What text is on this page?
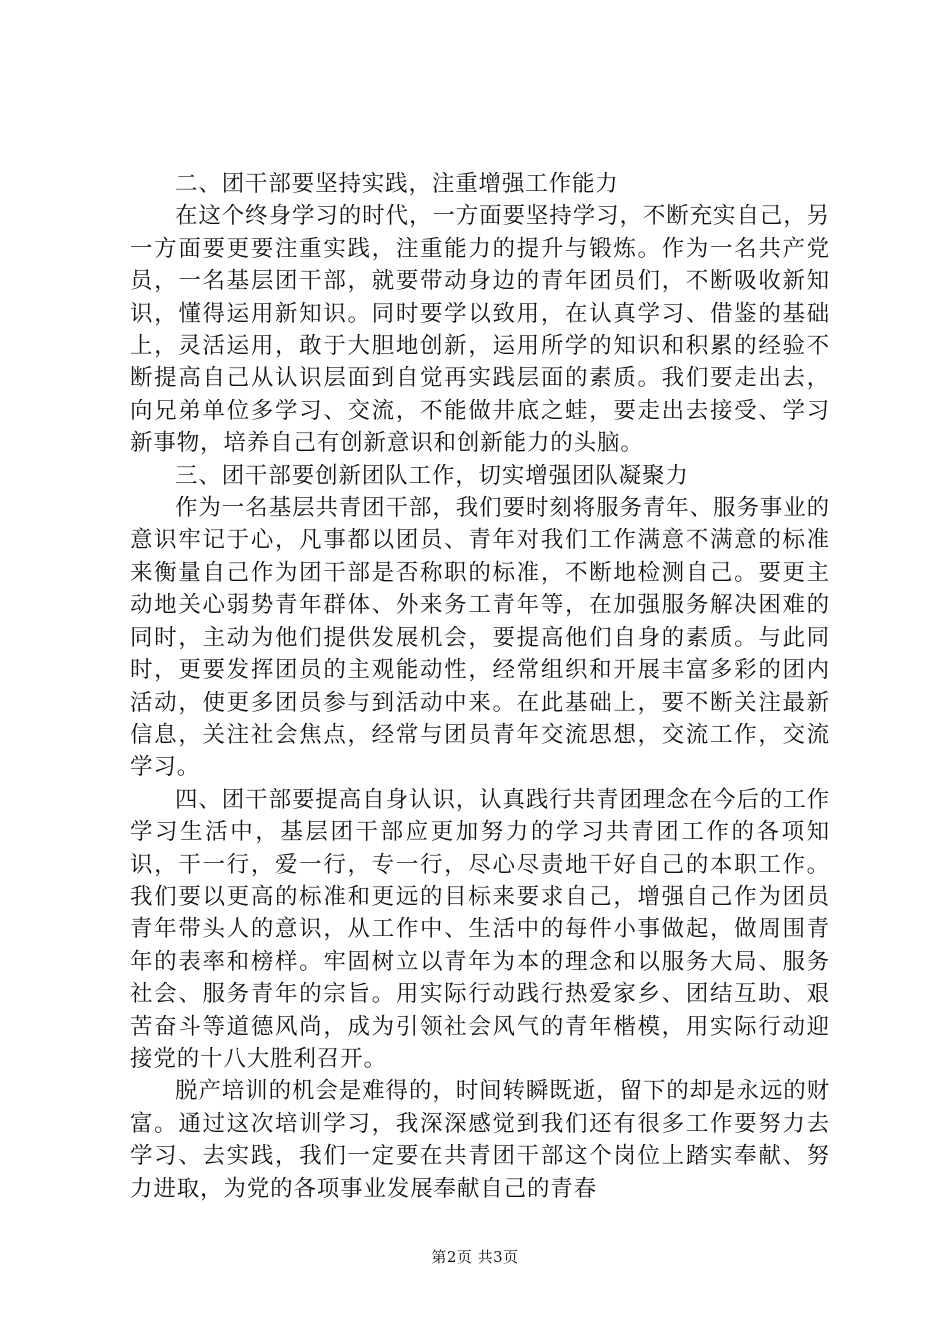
二、团干部要坚持实践，注重增强工作能力

在这个终身学习的时代，一方面要坚持学习，不断充实自己，另一方面要更要注重实践，注重能力的提升与锻炼。作为一名共产党员，一名基层团干部，就要带动身边的青年团员们，不断吸收新知识，懂得运用新知识。同时要学以致用，在认真学习、借鉴的基础上，灵活运用，敢于大胆地创新，运用所学的知识和积累的经验不断提高自己从认识层面到自觉再实践层面的素质。我们要走出去，向兄弟单位多学习、交流，不能做井底之蛙，要走出去接受、学习新事物，培养自己有创新意识和创新能力的头脑。

三、团干部要创新团队工作，切实增强团队凝聚力

作为一名基层共青团干部，我们要时刻将服务青年、服务事业的意识牢记于心，凡事都以团员、青年对我们工作满意不满意的标准来衡量自己作为团干部是否称职的标准，不断地检测自己。要更主动地关心弱势青年群体、外来务工青年等，在加强服务解决困难的同时，主动为他们提供发展机会，要提高他们自身的素质。与此同时，更要发挥团员的主观能动性，经常组织和开展丰富多彩的团内活动，使更多团员参与到活动中来。在此基础上，要不断关注最新信息，关注社会焦点，经常与团员青年交流思想，交流工作，交流学习。

四、团干部要提高自身认识，认真践行共青团理念在今后的工作学习生活中，基层团干部应更加努力的学习共青团工作的各项知识，干一行，爱一行，专一行，尽心尽责地干好自己的本职工作。我们要以更高的标准和更远的目标来要求自己，增强自己作为团员青年带头人的意识，从工作中、生活中的每件小事做起，做周围青年的表率和榜样。牢固树立以青年为本的理念和以服务大局、服务社会、服务青年的宗旨。用实际行动践行热爱家乡、团结互助、艰苦奋斗等道德风尚，成为引领社会风气的青年楷模，用实际行动迎接党的十八大胜利召开。

脱产培训的机会是难得的，时间转瞬既逝，留下的却是永远的财富。通过这次培训学习，我深深感觉到我们还有很多工作要努力去学习、去实践，我们一定要在共青团干部这个岗位上踏实奉献、努力进取，为党的各项事业发展奉献自己的青春

第2页 共3页
